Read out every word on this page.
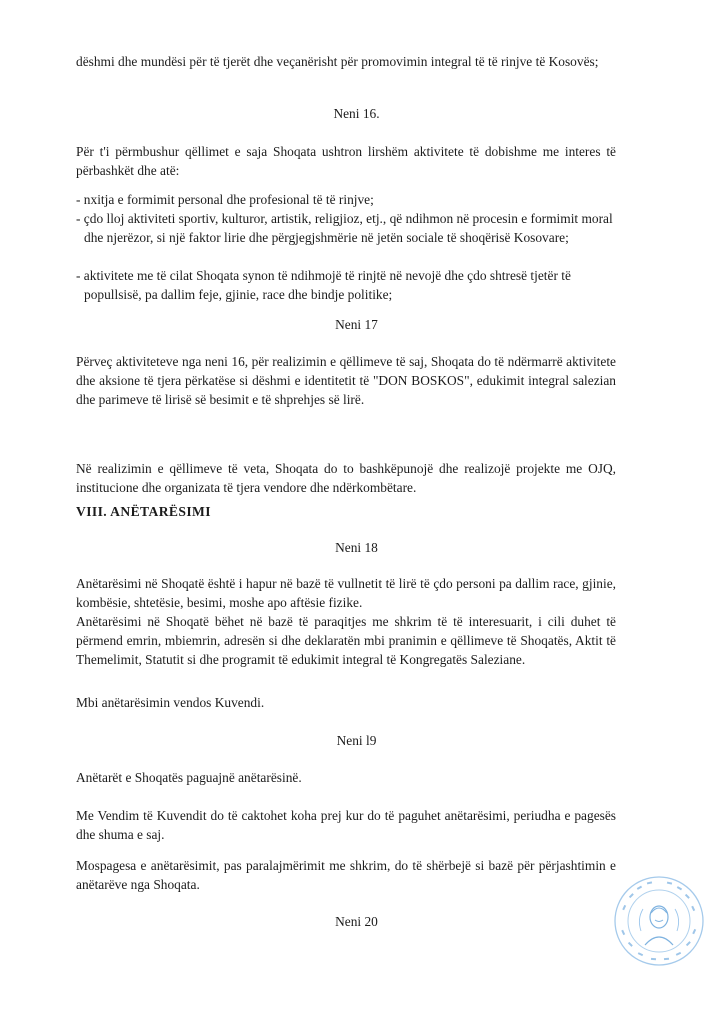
dëshmi dhe mundësi për të tjerët dhe veçanërisht për promovimin integral të të rinjve të Kosovës;

Neni 16.

Për t'i përmbushur qëllimet e saja Shoqata ushtron lirshëm aktivitete të dobishme me interes të përbashkët dhe atë:

- nxitja e formimit personal dhe profesional të të rinjve;

- çdo lloj aktiviteti sportiv, kulturor, artistik, religjioz, etj., që ndihmon në procesin e formimit moral dhe njerëzor, si një faktor lirie dhe përgjegjshmërie në jetën sociale të shoqërisë Kosovare;

- aktivitete me të cilat Shoqata synon të ndihmojë të rinjtë në nevojë dhe çdo shtresë tjetër të popullsisë, pa dallim feje, gjinie, race dhe bindje politike;

Neni 17

Përveç aktiviteteve nga neni 16, për realizimin e qëllimeve të saj, Shoqata do të ndërmarrë aktivitete dhe aksione të tjera përkatëse si dëshmi e identitetit të "DON BOSKOS", edukimit integral salezian dhe parimeve të lirisë së besimit e të shprehjes së lirë.

Në realizimin e qëllimeve të veta, Shoqata do to bashkëpunojë dhe realizojë projekte me OJQ, institucione dhe organizata të tjera vendore dhe ndërkombëtare.

VIII. ANËTARËSIMI

Neni 18

Anëtarësimi në Shoqatë është i hapur në bazë të vullnetit të lirë të çdo personi pa dallim race, gjinie, kombësie, shtetësie, besimi, moshe apo aftësie fizike.

Anëtarësimi në Shoqatë bëhet në bazë të paraqitjes me shkrim të të interesuarit, i cili duhet të përmend emrin, mbiemrin, adresën si dhe deklaratën mbi pranimin e qëllimeve të Shoqatës, Aktit të Themelimit, Statutit si dhe programit të edukimit integral të Kongregatës Saleziane.

Mbi anëtarësimin vendos Kuvendi.

Neni l9

Anëtarët e Shoqatës paguajnë anëtarësinë.

Me Vendim të Kuvendit do të caktohet koha prej kur do të paguhet anëtarësimi, periudha e pagesës dhe shuma e saj.

Mospagesa e anëtarësimit, pas paralajmërimit me shkrim, do të shërbejë si bazë për përjashtimin e anëtarëve nga Shoqata.

Neni 20
